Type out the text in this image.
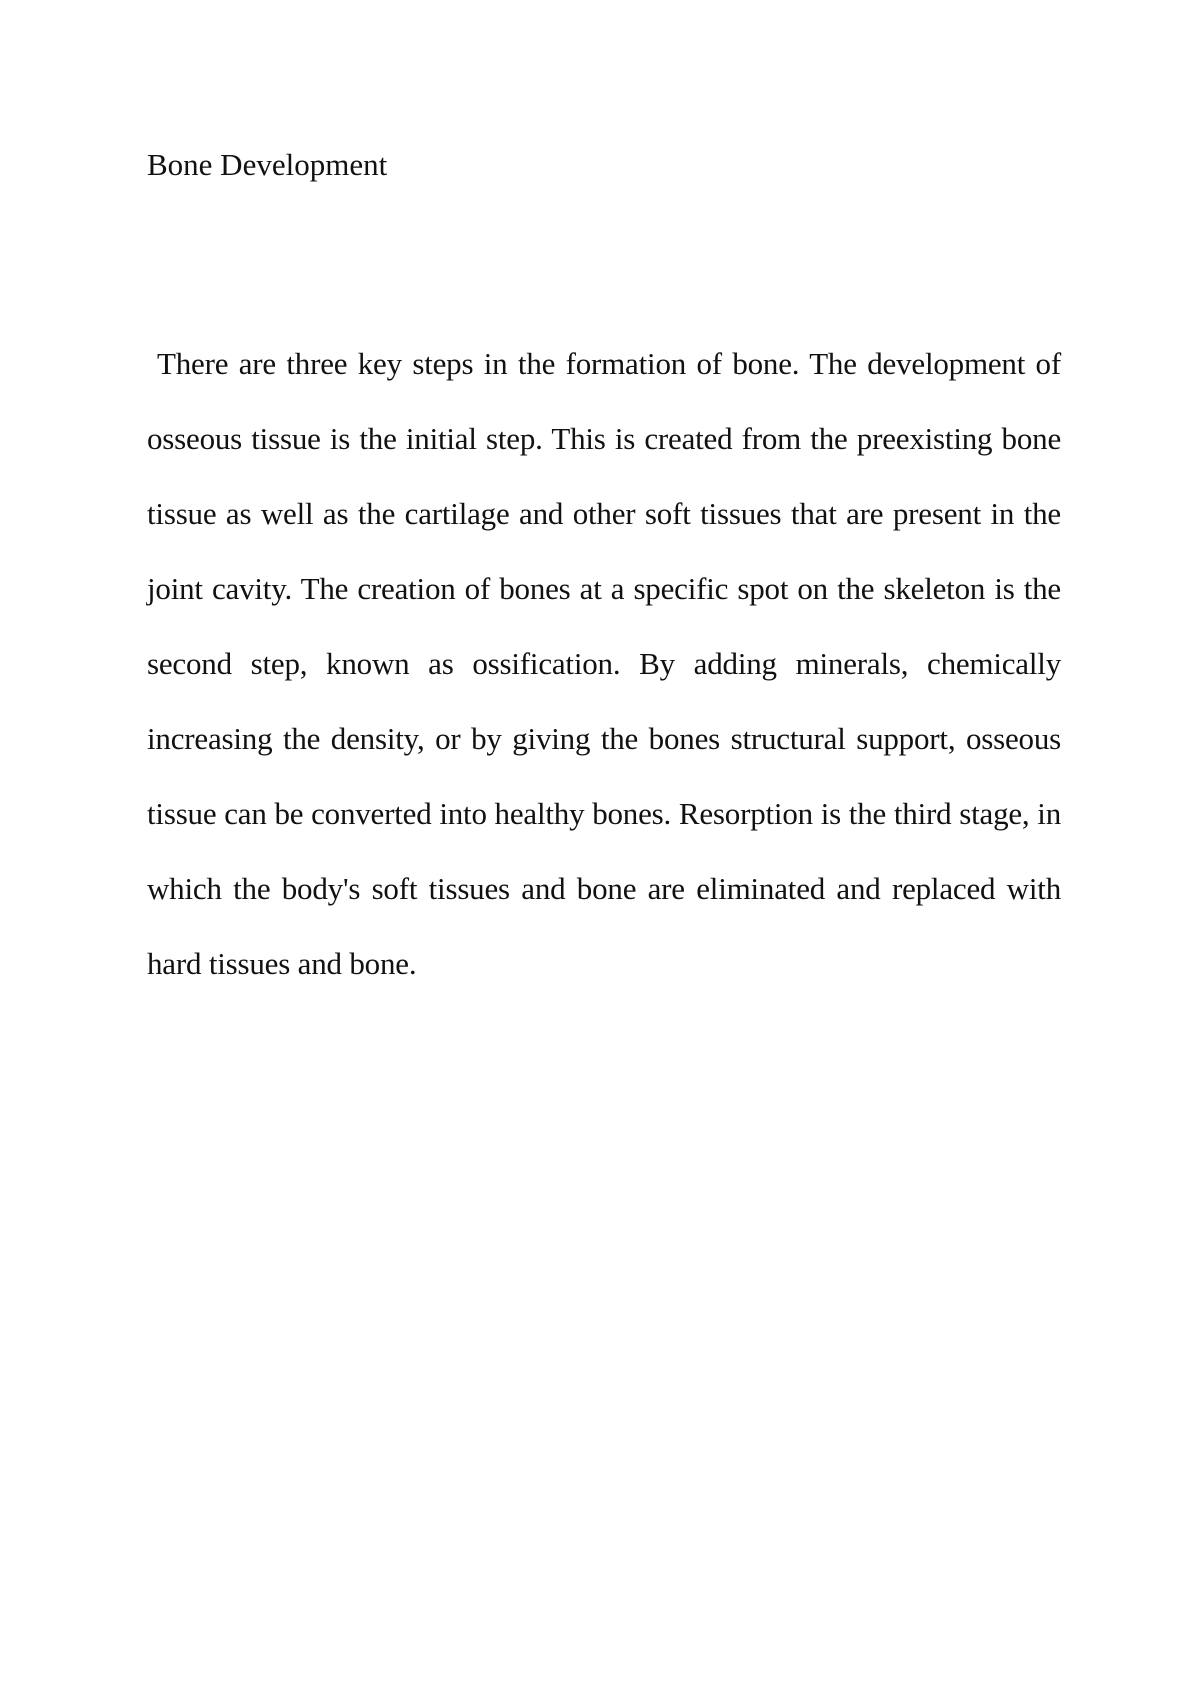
Bone Development

There are three key steps in the formation of bone. The development of osseous tissue is the initial step. This is created from the preexisting bone tissue as well as the cartilage and other soft tissues that are present in the joint cavity. The creation of bones at a specific spot on the skeleton is the second step, known as ossification. By adding minerals, chemically increasing the density, or by giving the bones structural support, osseous tissue can be converted into healthy bones. Resorption is the third stage, in which the body's soft tissues and bone are eliminated and replaced with hard tissues and bone.
